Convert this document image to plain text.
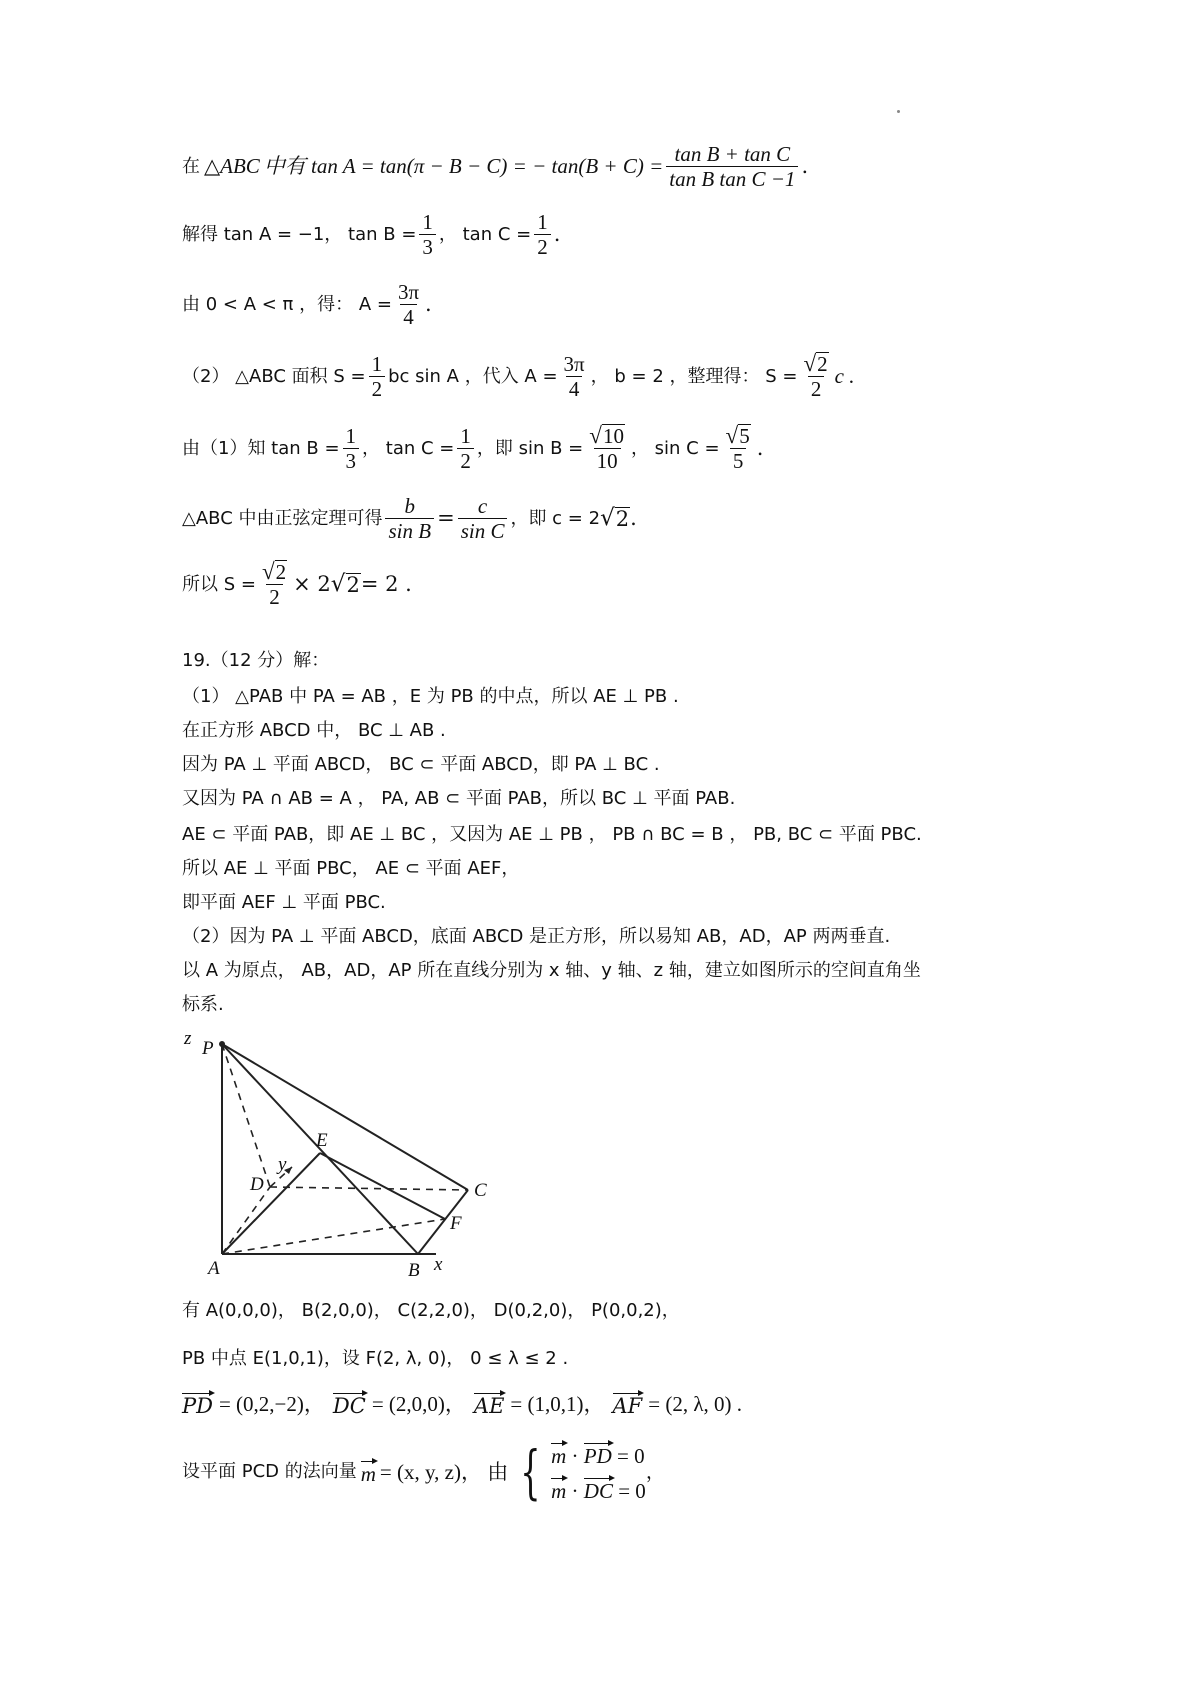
在 △ABC 中有 tan A = tan(π − B − C) = − $\tan(B + C) = \frac{\text{tan B + tan C}}{\text{tan B tan C −1}}$ .
解得 tan A = −1， $\tan B = \frac{1}{3}$ ， $\tan C = \frac{1}{2}$ .
由 0 < A < π ，得： $A = \frac{3\pi}{4}$ .
（2） △ABC 面积 $S = \frac{1}{2}$ bc sin A ，代入 $A = \frac{3\pi}{4}$ ， b = 2 ，整理得： $S = \frac{√ 2}{2}$ c .
由（1）知 $\tan B = \frac{1}{3}$ ， $\tan C = \frac{1}{2}$ ，即 $\sin B = \frac{√ 10}{10}$ ， $\sin C = \frac{√ 5}{5}$ .
△ABC 中由正弦定理可得 $\frac{b}{\text{sin B}} = \frac{c}{\text{sin C}}$ ，即 c = 2 √ 2 .
所以 $S = \frac{√ 2}{2} \times 2$ √ 2 = 2 .
19.（12 分）解：
（1） △PAB 中 PA = AB ，E 为 PB 的中点，所以 AE ⊥ PB .
在正方形 ABCD 中， BC ⊥ AB .
因为 PA ⊥ 平面 ABCD， BC ⊂ 平面 ABCD，即 PA ⊥ BC .
又因为 PA ∩ AB = A ， PA, AB ⊂ 平面 PAB，所以 BC ⊥ 平面 PAB.
AE ⊂ 平面 PAB，即 AE ⊥ BC ，又因为 AE ⊥ PB ， PB ∩ BC = B ， PB, BC ⊂ 平面 PBC.
所以 AE ⊥ 平面 PBC， AE ⊂ 平面 AEF，
即平面 AEF ⊥ 平面 PBC.
（2）因为 PA ⊥ 平面 ABCD，底面 ABCD 是正方形，所以易知 AB，AD，AP 两两垂直.
以 A 为原点， AB，AD，AP 所在直线分别为 x 轴、y 轴、z 轴，建立如图所示的空间直角坐
标系.
z P
y
E
D	C
F
A	B x
有 A(0,0,0)， B(2,0,0)， C(2,2,0)， D(0,2,0)， P(0,0,2)，
PB 中点 E(1,0,1)，设 F(2, λ, 0)， 0 ≤ λ ≤ 2 .
PD = (0,2,−2)， DC = (2,0,0)， AE = (1,0,1)， AF = (2, λ, 0) .
设平面 PCD 的法向量 m = (x, y, z)， 由 { m · PD = 0
m · DC = 0
，
